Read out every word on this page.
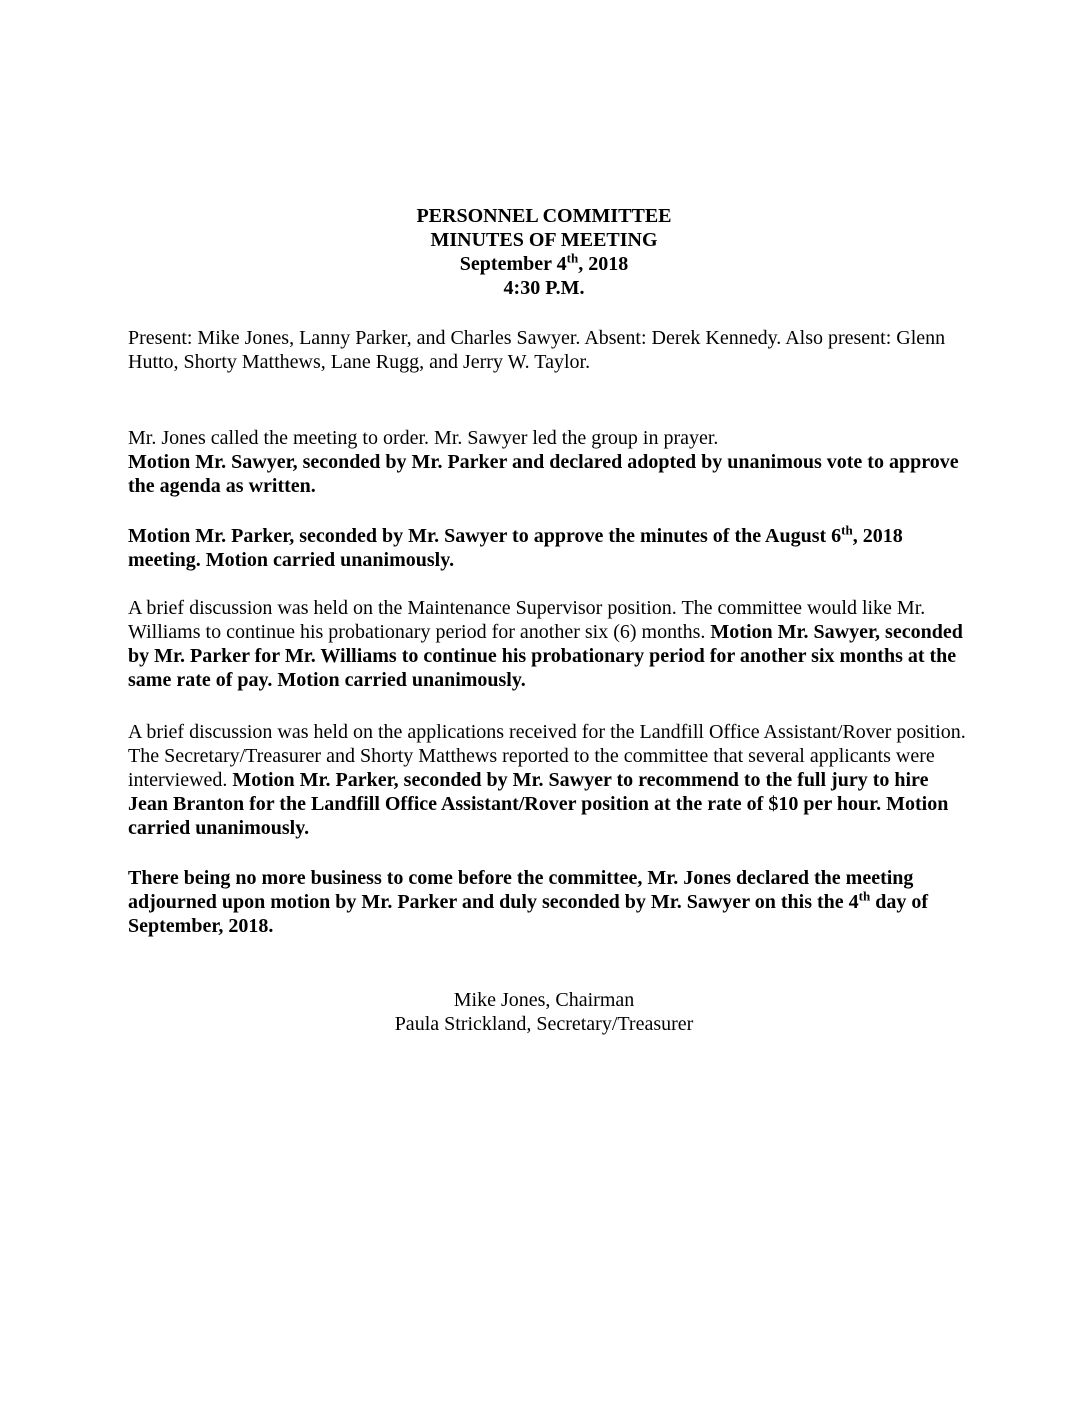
PERSONNEL COMMITTEE
MINUTES OF MEETING
September 4th, 2018
4:30 P.M.

Present: Mike Jones, Lanny Parker, and Charles Sawyer. Absent: Derek Kennedy. Also present: Glenn Hutto, Shorty Matthews, Lane Rugg, and Jerry W. Taylor.

Mr. Jones called the meeting to order. Mr. Sawyer led the group in prayer.

Motion Mr. Sawyer, seconded by Mr. Parker and declared adopted by unanimous vote to approve the agenda as written.

Motion Mr. Parker, seconded by Mr. Sawyer to approve the minutes of the August 6th, 2018 meeting. Motion carried unanimously.

A brief discussion was held on the Maintenance Supervisor position. The committee would like Mr. Williams to continue his probationary period for another six (6) months. Motion Mr. Sawyer, seconded by Mr. Parker for Mr. Williams to continue his probationary period for another six months at the same rate of pay. Motion carried unanimously.

A brief discussion was held on the applications received for the Landfill Office Assistant/Rover position. The Secretary/Treasurer and Shorty Matthews reported to the committee that several applicants were interviewed. Motion Mr. Parker, seconded by Mr. Sawyer to recommend to the full jury to hire Jean Branton for the Landfill Office Assistant/Rover position at the rate of $10 per hour. Motion carried unanimously.

There being no more business to come before the committee, Mr. Jones declared the meeting adjourned upon motion by Mr. Parker and duly seconded by Mr. Sawyer on this the 4th day of September, 2018.

Mike Jones, Chairman
Paula Strickland, Secretary/Treasurer
